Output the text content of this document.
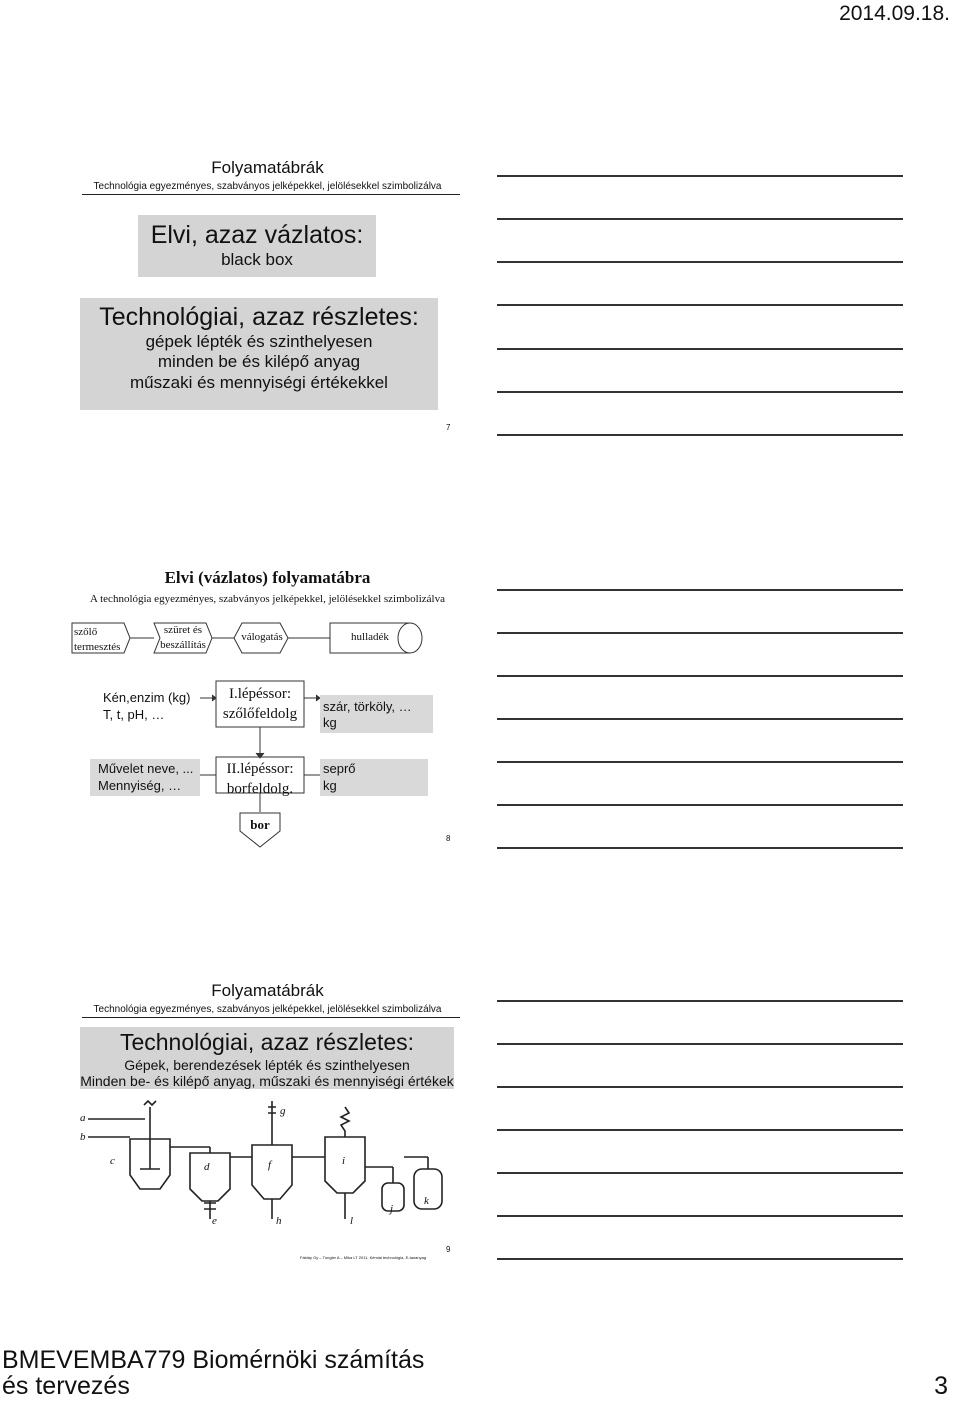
2014.09.18.
Folyamatábrák
Technológia egyezményes, szabványos jelképekkel, jelölésekkel szimbolizálva
Elvi, azaz vázlatos:
black box
Technológiai, azaz részletes:
gépek lépték és szinthelyesen
minden be és kilépő anyag
műszaki és mennyiségi értékekkel
7
Elvi (vázlatos) folyamatábra
A technológia egyezményes, szabványos jelképekkel, jelölésekkel szimbolizálva
szőlő
termesztés
szüret és
beszállítás
válogatás	hulladék
Kén,enzim (kg)
T, t, pH, …
I.lépéssor:
szőlőfeldolg	szár, törköly, …
kg
Művelet neve, ...
Mennyiség, …
II.lépéssor:
borfeldolg.
seprő
kg
bor
8
Folyamatábrák
Technológia egyezményes, szabványos jelképekkel, jelölésekkel szimbolizálva
Technológiai, azaz részletes:
Gépek, berendezések lépték és szinthelyesen
Minden be- és kilépő anyag, műszaki és mennyiségi értékek
a
b
c	d
e
f
g
h
i
j
k
l
9
Fábiáy Gy – Tungler A – Mika LT 2011, Kémiai technológia, E-tananyag
BMEVEMBA779 Biomérnöki számítás
és tervezés	3
